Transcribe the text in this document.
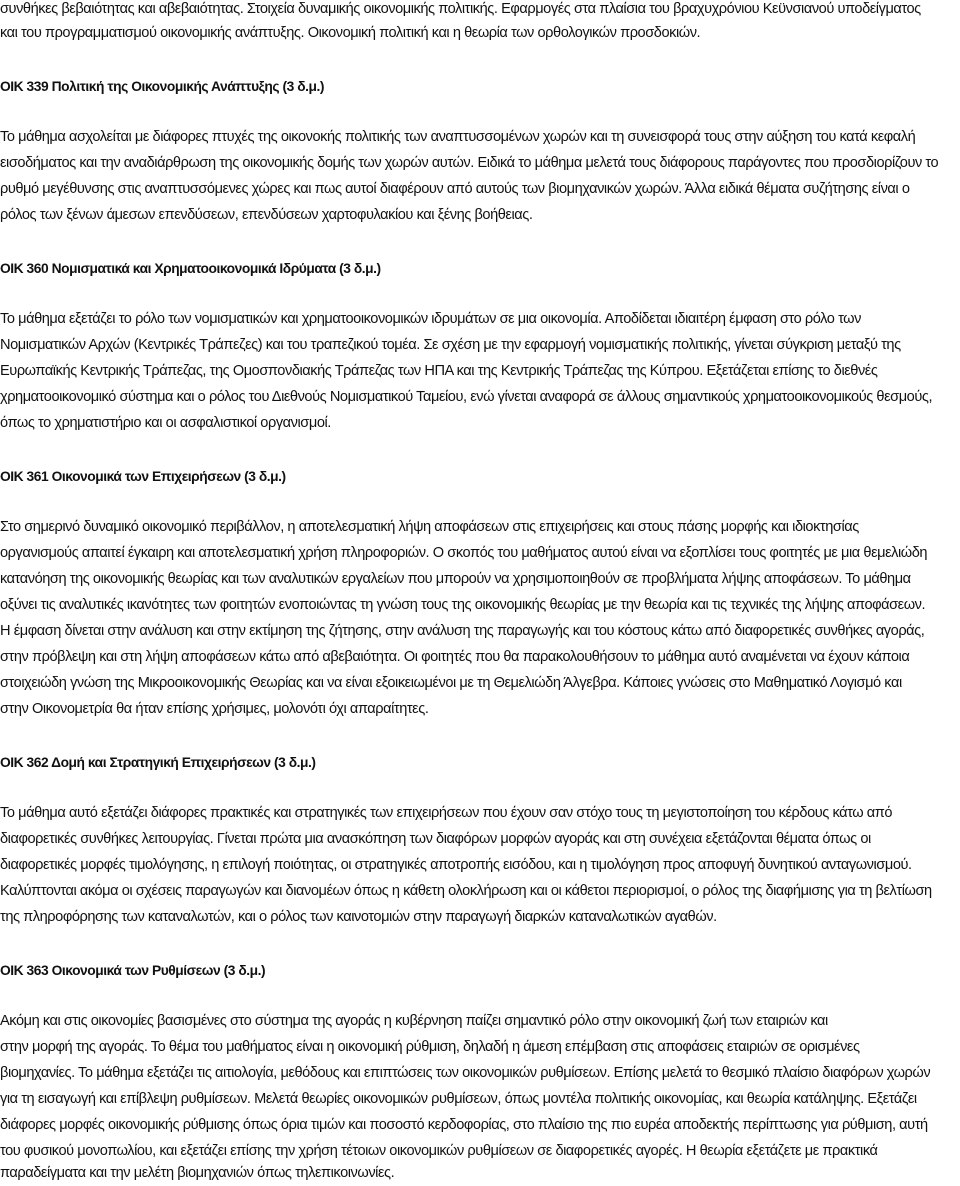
συνθήκες βεβαιότητας και αβεβαιότητας. Στοιχεία δυναμικής οικονομικής πολιτικής. Εφαρμογές στα πλαίσια του βραχυχρόνιου Κεϋνσιανού υποδείγματος
και του προγραμματισμού οικονομικής ανάπτυξης. Οικονομική πολιτική και η θεωρία των ορθολογικών προσδοκιών.
ΟΙΚ 339 Πολιτική της Οικονομικής Ανάπτυξης (3 δ.μ.)
Το μάθημα ασχολείται με διάφορες πτυχές της οικονοκής πολιτικής των αναπτυσσομένων χωρών και τη συνεισφορά τους στην αύξηση του κατά κεφαλή
εισοδήματος και την αναδιάρθρωση της οικονομικής δομής των χωρών αυτών. Ειδικά το μάθημα μελετά τους διάφορους παράγοντες που προσδιορίζουν το
ρυθμό μεγέθυνσης στις αναπτυσσόμενες χώρες και πως αυτοί διαφέρουν από αυτούς των βιομηχανικών χωρών. Άλλα ειδικά θέματα συζήτησης είναι ο
ρόλος των ξένων άμεσων επενδύσεων, επενδύσεων χαρτοφυλακίου και ξένης βοήθειας.
ΟΙΚ 360 Νομισματικά και Χρηματοοικονομικά Ιδρύματα (3 δ.μ.)
Το μάθημα εξετάζει το ρόλο των νομισματικών και χρηματοοικονομικών ιδρυμάτων σε μια οικονομία. Αποδίδεται ιδιαιτέρη έμφαση στο ρόλο των
Νομισματικών Αρχών (Κεντρικές Τράπεζες) και του τραπεζικού τομέα. Σε σχέση με την εφαρμογή νομισματικής πολιτικής, γίνεται σύγκριση μεταξύ της
Ευρωπαϊκής Κεντρικής Τράπεζας, της Ομοσπονδιακής Τράπεζας των ΗΠΑ και της Κεντρικής Τράπεζας της Κύπρου. Εξετάζεται επίσης το διεθνές
χρηματοοικονομικό σύστημα και ο ρόλος του Διεθνούς Νομισματικού Ταμείου, ενώ γίνεται αναφορά σε άλλους σημαντικούς χρηματοοικονομικούς θεσμούς,
όπως το χρηματιστήριο και οι ασφαλιστικοί οργανισμοί.
ΟΙΚ 361 Οικονομικά των Επιχειρήσεων (3 δ.μ.)
Στο σημερινό δυναμικό οικονομικό περιβάλλον, η αποτελεσματική λήψη αποφάσεων στις επιχειρήσεις και στους πάσης μορφής και ιδιοκτησίας
οργανισμούς απαιτεί έγκαιρη και αποτελεσματική χρήση πληροφοριών. Ο σκοπός του μαθήματος αυτού είναι να εξοπλίσει τους φοιτητές με μια θεμελιώδη
κατανόηση της οικονομικής θεωρίας και των αναλυτικών εργαλείων που μπορούν να χρησιμοποιηθούν σε προβλήματα λήψης αποφάσεων. Το μάθημα
οξύνει τις αναλυτικές ικανότητες των φοιτητών ενοποιώντας τη γνώση τους της οικονομικής θεωρίας με την θεωρία και τις τεχνικές της λήψης αποφάσεων.
Η έμφαση δίνεται στην ανάλυση και στην εκτίμηση της ζήτησης, στην ανάλυση της παραγωγής και του κόστους κάτω από διαφορετικές συνθήκες αγοράς,
στην πρόβλεψη και στη λήψη αποφάσεων κάτω από αβεβαιότητα. Οι φοιτητές που θα παρακολουθήσουν το μάθημα αυτό αναμένεται να έχουν κάποια
στοιχειώδη γνώση της Μικροοικονομικής Θεωρίας και να είναι εξοικειωμένοι με τη Θεμελιώδη Άλγεβρα. Κάποιες γνώσεις στο Μαθηματικό Λογισμό και
στην Οικονομετρία θα ήταν επίσης χρήσιμες, μολονότι όχι απαραίτητες.
ΟΙΚ 362 Δομή και Στρατηγική Επιχειρήσεων (3 δ.μ.)
Το μάθημα αυτό εξετάζει διάφορες πρακτικές και στρατηγικές των επιχειρήσεων που έχουν σαν στόχο τους τη μεγιστοποίηση του κέρδους κάτω από
διαφορετικές συνθήκες λειτουργίας. Γίνεται πρώτα μια ανασκόπηση των διαφόρων μορφών αγοράς και στη συνέχεια εξετάζονται θέματα όπως οι
διαφορετικές μορφές τιμολόγησης, η επιλογή ποιότητας, οι στρατηγικές αποτροπής εισόδου, και η τιμολόγηση προς αποφυγή δυνητικού ανταγωνισμού.
Καλύπτονται ακόμα οι σχέσεις παραγωγών και διανομέων όπως η κάθετη ολοκλήρωση και οι κάθετοι περιορισμοί, ο ρόλος της διαφήμισης για τη βελτίωση
της πληροφόρησης των καταναλωτών, και ο ρόλος των καινοτομιών στην παραγωγή διαρκών καταναλωτικών αγαθών.
ΟΙΚ 363 Οικονομικά των Ρυθμίσεων (3 δ.μ.)
Ακόμη και στις οικονομίες βασισμένες στο σύστημα της αγοράς η κυβέρνηση παίζει σημαντικό ρόλο στην οικονομική ζωή των εταιριών και
στην μορφή της αγοράς. Το θέμα του μαθήματος είναι η οικονομική ρύθμιση, δηλαδή η άμεση επέμβαση στις αποφάσεις εταιριών σε ορισμένες
βιομηχανίες. Το μάθημα εξετάζει τις αιτιολογία, μεθόδους και επιπτώσεις των οικονομικών ρυθμίσεων. Επίσης μελετά το θεσμικό πλαίσιο διαφόρων χωρών
για τη εισαγωγή και επίβλεψη ρυθμίσεων. Μελετά θεωρίες οικονομικών ρυθμίσεων, όπως μοντέλα πολιτικής οικονομίας, και θεωρία κατάληψης. Εξετάζει
διάφορες μορφές οικονομικής ρύθμισης όπως όρια τιμών και ποσοστό κερδοφορίας, στο πλαίσιο της πιο ευρέα αποδεκτής περίπτωσης για ρύθμιση, αυτή
του φυσικού μονοπωλίου, και εξετάζει επίσης την χρήση τέτοιων οικονομικών ρυθμίσεων σε διαφορετικές αγορές. Η θεωρία εξετάζετε με πρακτικά
παραδείγματα και την μελέτη βιομηχανιών όπως τηλεπικοινωνίες.
